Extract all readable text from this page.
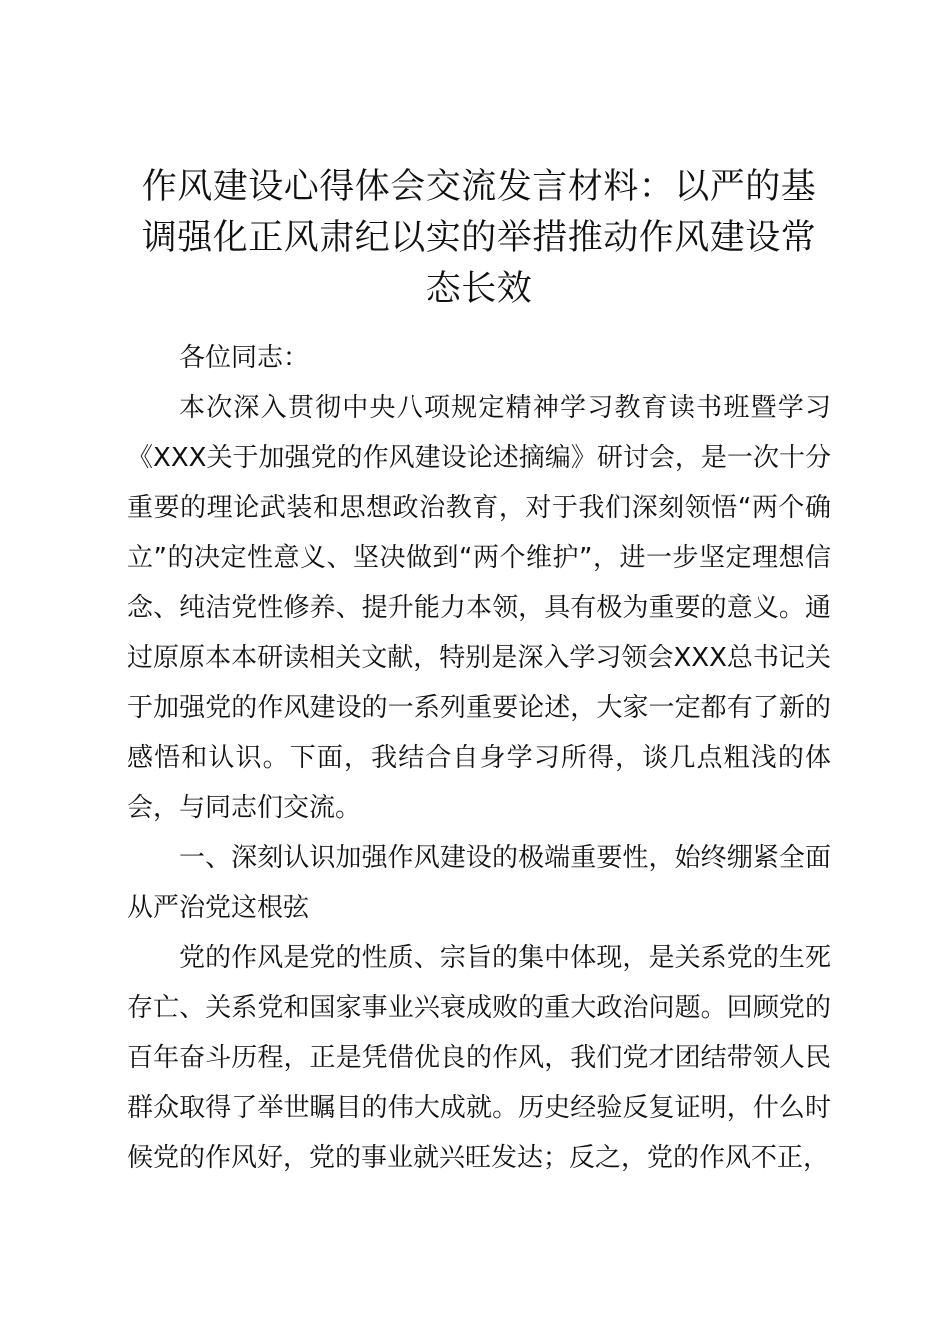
作风建设心得体会交流发言材料：以严的基调强化正风肃纪以实的举措推动作风建设常态长效

各位同志：

本次深入贯彻中央八项规定精神学习教育读书班暨学习《XXX关于加强党的作风建设论述摘编》研讨会，是一次十分重要的理论武装和思想政治教育，对于我们深刻领悟“两个确立”的决定性意义、坚决做到“两个维护”，进一步坚定理想信念、纯洁党性修养、提升能力本领，具有极为重要的意义。通过原原本本研读相关文献，特别是深入学习领会XXX总书记关于加强党的作风建设的一系列重要论述，大家一定都有了新的感悟和认识。下面，我结合自身学习所得，谈几点粗浅的体会，与同志们交流。

一、深刻认识加强作风建设的极端重要性，始终绷紧全面从严治党这根弦

党的作风是党的性质、宗旨的集中体现，是关系党的生死存亡、关系党和国家事业兴衰成败的重大政治问题。回顾党的百年奋斗历程，正是凭借优良的作风，我们党才团结带领人民群众取得了举世瞩目的伟大成就。历史经验反复证明，什么时候党的作风好，党的事业就兴旺发达；反之，党的作风不正，
